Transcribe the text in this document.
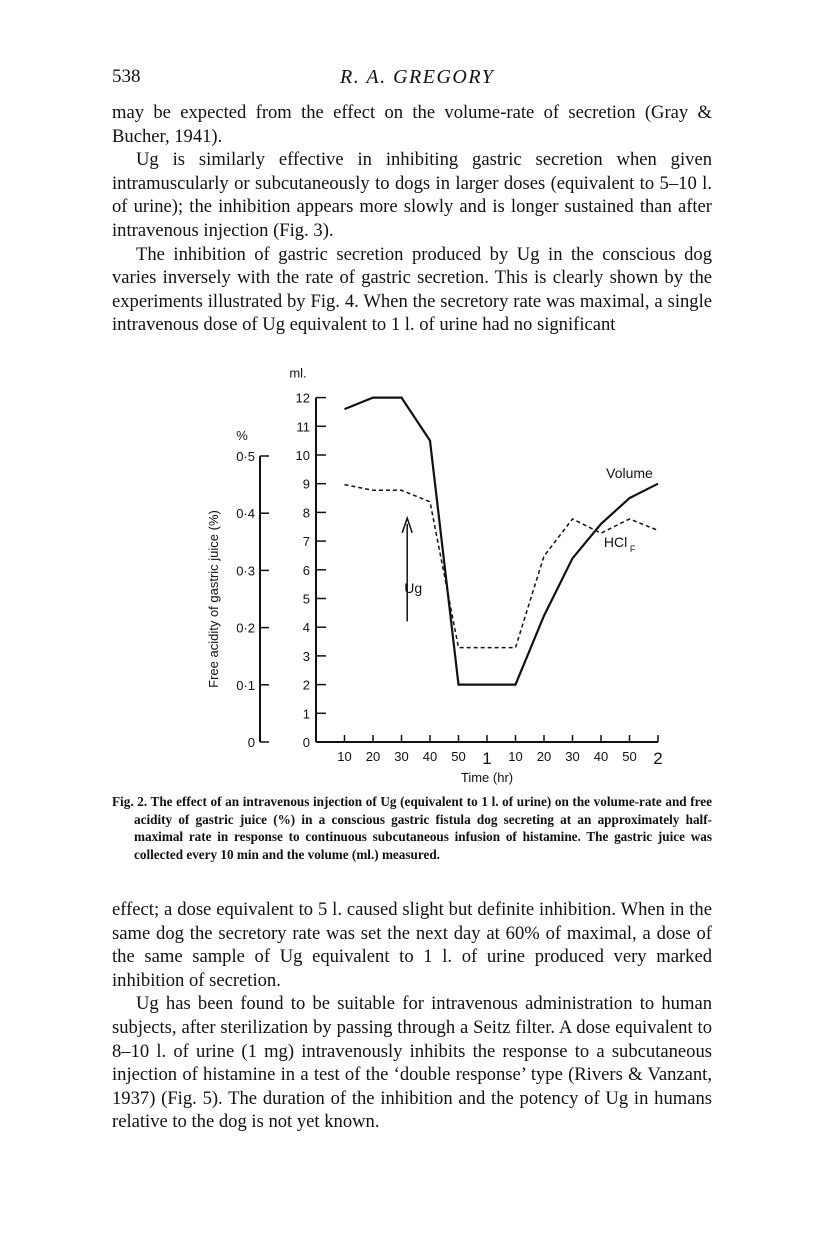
538	R. A. GREGORY

may be expected from the effect on the volume-rate of secretion (Gray & Bucher, 1941).

Ug is similarly effective in inhibiting gastric secretion when given intramuscularly or subcutaneously to dogs in larger doses (equivalent to 5–10 l. of urine); the inhibition appears more slowly and is longer sustained than after intravenous injection (Fig. 3).

The inhibition of gastric secretion produced by Ug in the conscious dog varies inversely with the rate of gastric secretion. This is clearly shown by the experiments illustrated by Fig. 4. When the secretory rate was maximal, a single intravenous dose of Ug equivalent to 1 l. of urine had no significant

0
0·1
0·2
0·3
0·4
0·5
%
Free acidity of gastric juice (%)
0
1
2
3
4
5
6
7
8
9
10
11
12
ml.
10 20 30 40 50 1 10 20 30 40 50 2
Time (hr)
Ug
Volume
HCl F
Fig. 2. The effect of an intravenous injection of Ug (equivalent to 1 l. of urine) on the volume-rate and free acidity of gastric juice (%) in a conscious gastric fistula dog secreting at an approximately half-maximal rate in response to continuous subcutaneous infusion of histamine. The gastric juice was collected every 10 min and the volume (ml.) measured.

effect; a dose equivalent to 5 l. caused slight but definite inhibition. When in the same dog the secretory rate was set the next day at 60% of maximal, a dose of the same sample of Ug equivalent to 1 l. of urine produced very marked inhibition of secretion.

Ug has been found to be suitable for intravenous administration to human subjects, after sterilization by passing through a Seitz filter. A dose equivalent to 8–10 l. of urine (1 mg) intravenously inhibits the response to a subcutaneous injection of histamine in a test of the ‘double response’ type (Rivers & Vanzant, 1937) (Fig. 5). The duration of the inhibition and the potency of Ug in humans relative to the dog is not yet known.
